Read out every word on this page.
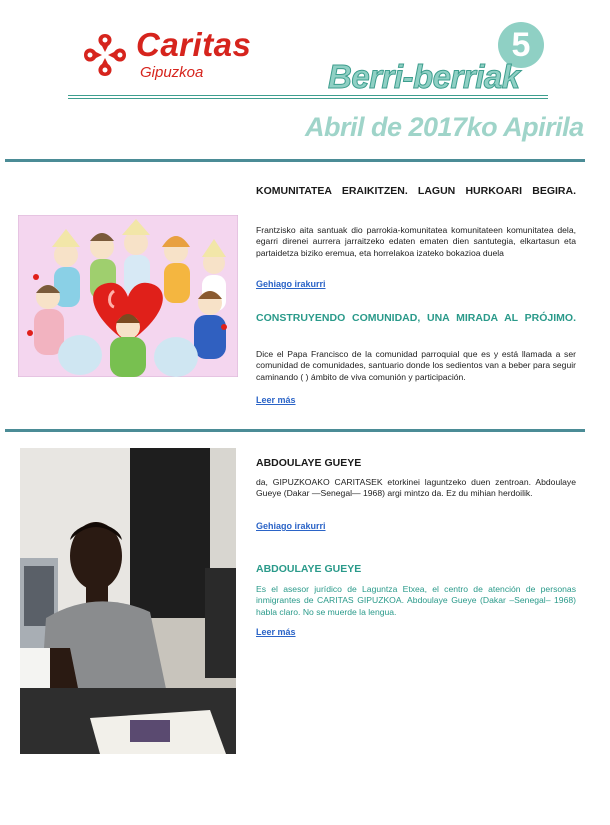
Caritas
Gipuzkoa
5
Berri-berriak
Abril de 2017ko Apirila
KOMUNITATEA ERAIKITZEN. LAGUN HURKOARI BEGIRA.
Frantzisko aita santuak dio parrokia-komunitatea komunitateen komunitatea dela, egarri direnei aurrera jarraitzeko edaten ematen dien santutegia, elkartasun eta partaidetza biziko eremua, eta horrelakoa izateko bokazioa duela
Gehiago irakurri
CONSTRUYENDO COMUNIDAD, UNA MIRADA AL PRÓJIMO.
Dice el Papa Francisco de la comunidad parroquial que es y está llamada a ser comunidad de comunidades, santuario donde los sedientos van a beber para seguir caminando ( ) ámbito de viva comunión y participación.
Leer más
ABDOULAYE GUEYE
da, GIPUZKOAKO CARITASEK etorkinei laguntzeko duen zentroan. Abdoulaye Gueye (Dakar —Senegal— 1968) argi mintzo da. Ez du mihian herdoilik.
Gehiago irakurri
ABDOULAYE GUEYE
Es el asesor jurídico de Laguntza Etxea, el centro de atención de personas inmigrantes de CARITAS GIPUZKOA. Abdoulaye Gueye (Dakar –Senegal– 1968) habla claro. No se muerde la lengua.
Leer más
